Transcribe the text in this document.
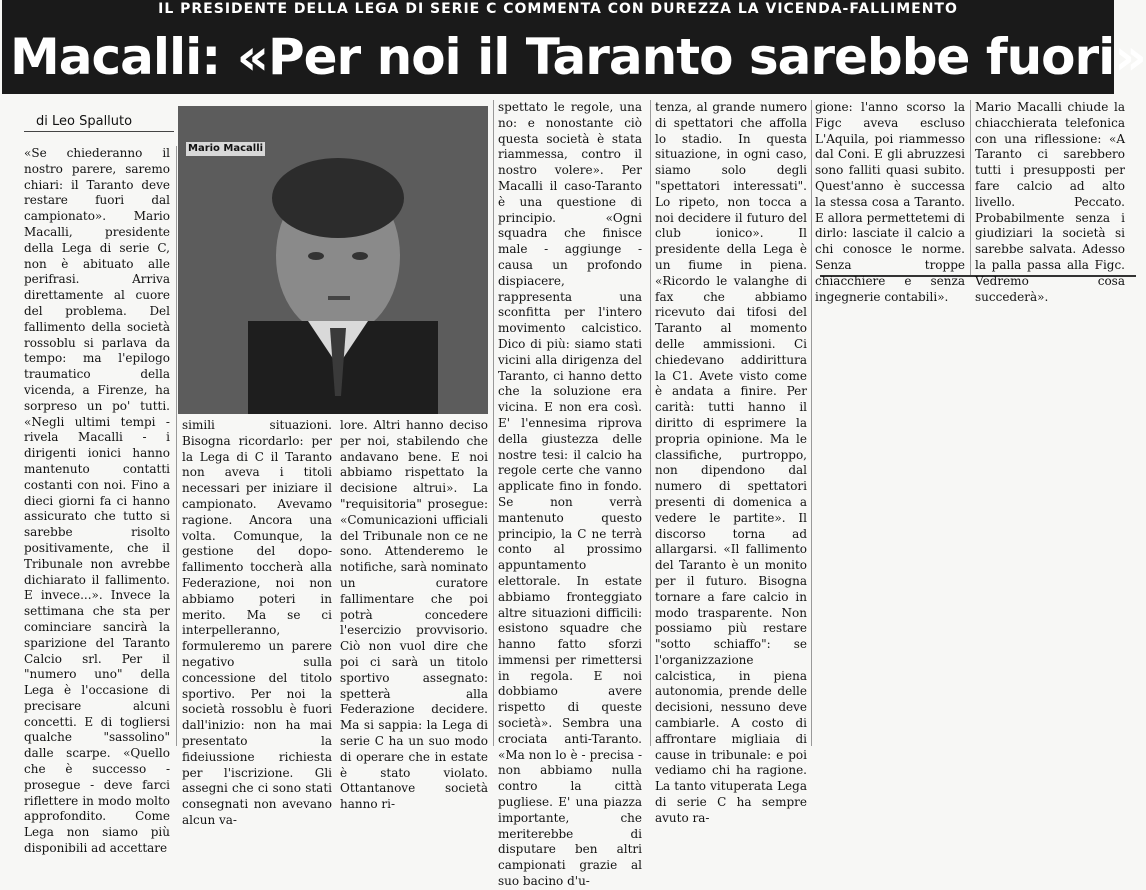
IL PRESIDENTE DELLA LEGA DI SERIE C COMMENTA CON DUREZZA LA VICENDA-FALLIMENTO
Macalli: «Per noi il Taranto sarebbe fuori»
di Leo Spalluto
Mario Macalli

«Se chiederanno il nostro parere, saremo chiari: il Taranto deve restare fuori dal campionato». Mario Macalli, presidente della Lega di serie C, non è abituato alle perifrasi. Arriva direttamente al cuore del problema. Del fallimento della società rossoblu si parlava da tempo: ma l'epilogo traumatico della vicenda, a Firenze, ha sorpreso un po' tutti. «Negli ultimi tempi - rivela Macalli - i dirigenti ionici hanno mantenuto contatti costanti con noi. Fino a dieci giorni fa ci hanno assicurato che tutto si sarebbe risolto positivamente, che il Tribunale non avrebbe dichiarato il fallimento. E invece...». Invece la settimana che sta per cominciare sancirà la sparizione del Taranto Calcio srl. Per il "numero uno" della Lega è l'occasione di precisare alcuni concetti. E di togliersi qualche "sassolino" dalle scarpe. «Quello che è successo - prosegue - deve farci riflettere in modo molto approfondito. Come Lega non siamo più disponibili ad accettare

simili situazioni. Bisogna ricordarlo: per la Lega di C il Taranto non aveva i titoli necessari per iniziare il campionato. Avevamo ragione. Ancora una volta. Comunque, la gestione del dopo-fallimento toccherà alla Federazione, noi non abbiamo poteri in merito. Ma se ci interpelleranno, formuleremo un parere negativo sulla concessione del titolo sportivo. Per noi la società rossoblu è fuori dall'inizio: non ha mai presentato la fideiussione richiesta per l'iscrizione. Gli assegni che ci sono stati consegnati non avevano alcun va-

lore. Altri hanno deciso per noi, stabilendo che andavano bene. E noi abbiamo rispettato la decisione altrui». La "requisitoria" prosegue: «Comunicazioni ufficiali del Tribunale non ce ne sono. Attenderemo le notifiche, sarà nominato un curatore fallimentare che poi potrà concedere l'esercizio provvisorio. Ciò non vuol dire che poi ci sarà un titolo sportivo assegnato: spetterà alla Federazione decidere. Ma si sappia: la Lega di serie C ha un suo modo di operare che in estate è stato violato. Ottantanove società hanno ri-

spettato le regole, una no: e nonostante ciò questa società è stata riammessa, contro il nostro volere». Per Macalli il caso-Taranto è una questione di principio. «Ogni squadra che finisce male - aggiunge - causa un profondo dispiacere, rappresenta una sconfitta per l'intero movimento calcistico. Dico di più: siamo stati vicini alla dirigenza del Taranto, ci hanno detto che la soluzione era vicina. E non era così. E' l'ennesima riprova della giustezza delle nostre tesi: il calcio ha regole certe che vanno applicate fino in fondo. Se non verrà mantenuto questo principio, la C ne terrà conto al prossimo appuntamento elettorale. In estate abbiamo fronteggiato altre situazioni difficili: esistono squadre che hanno fatto sforzi immensi per rimettersi in regola. E noi dobbiamo avere rispetto di queste società». Sembra una crociata anti-Taranto. «Ma non lo è - precisa - non abbiamo nulla contro la città pugliese. E' una piazza importante, che meriterebbe di disputare ben altri campionati grazie al suo bacino d'u-

tenza, al grande numero di spettatori che affolla lo stadio. In questa situazione, in ogni caso, siamo solo degli "spettatori interessati". Lo ripeto, non tocca a noi decidere il futuro del club ionico». Il presidente della Lega è un fiume in piena. «Ricordo le valanghe di fax che abbiamo ricevuto dai tifosi del Taranto al momento delle ammissioni. Ci chiedevano addirittura la C1. Avete visto come è andata a finire. Per carità: tutti hanno il diritto di esprimere la propria opinione. Ma le classifiche, purtroppo, non dipendono dal numero di spettatori presenti di domenica a vedere le partite». Il discorso torna ad allargarsi. «Il fallimento del Taranto è un monito per il futuro. Bisogna tornare a fare calcio in modo trasparente. Non possiamo più restare "sotto schiaffo": se l'organizzazione calcistica, in piena autonomia, prende delle decisioni, nessuno deve cambiarle. A costo di affrontare migliaia di cause in tribunale: e poi vediamo chi ha ragione. La tanto vituperata Lega di serie C ha sempre avuto ra-

gione: l'anno scorso la Figc aveva escluso L'Aquila, poi riammesso dal Coni. E gli abruzzesi sono falliti quasi subito. Quest'anno è successa la stessa cosa a Taranto. E allora permettetemi di dirlo: lasciate il calcio a chi conosce le norme. Senza troppe chiacchiere e senza ingegnerie contabili».

Mario Macalli chiude la chiacchierata telefonica con una riflessione: «A Taranto ci sarebbero tutti i presupposti per fare calcio ad alto livello. Peccato. Probabilmente senza i giudiziari la società si sarebbe salvata. Adesso la palla passa alla Figc. Vedremo cosa succederà».
